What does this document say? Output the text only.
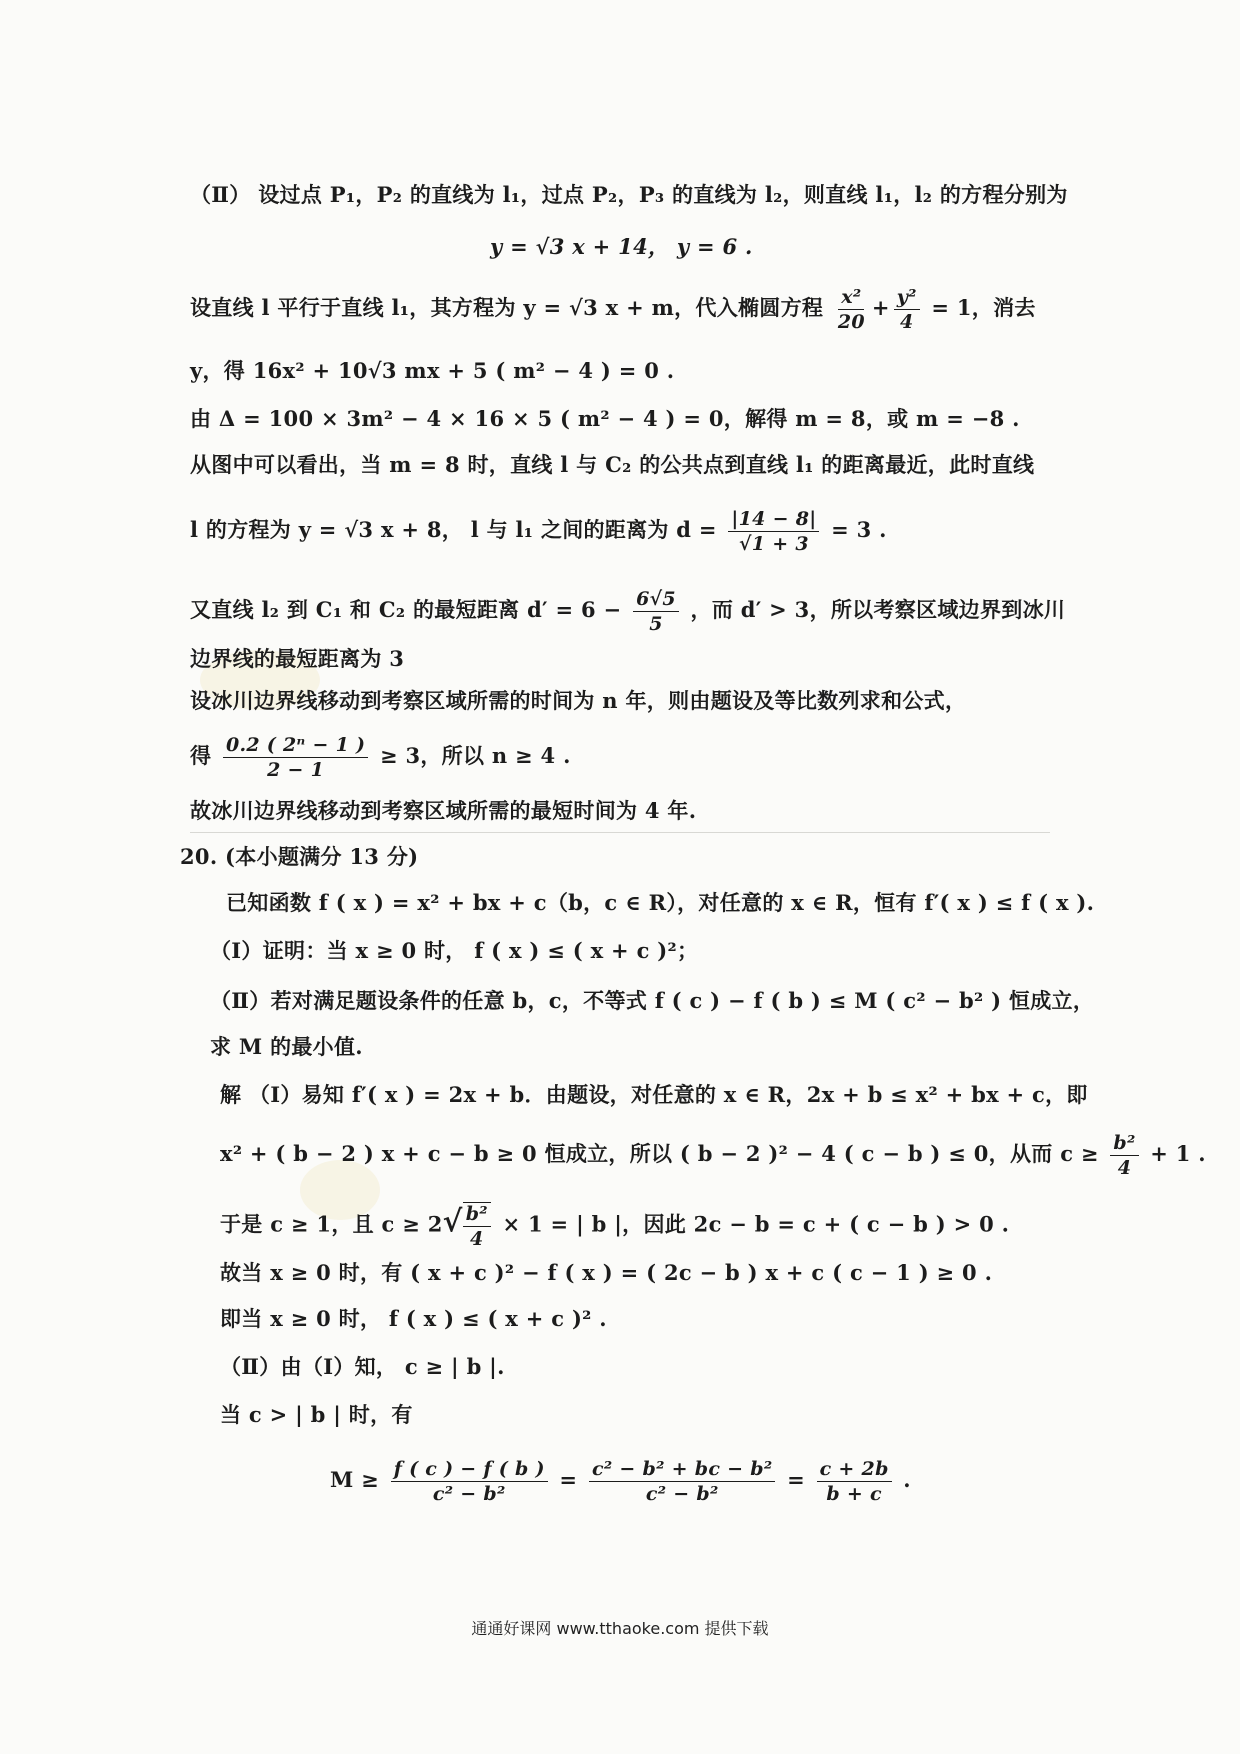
（Ⅱ） 设过点 P₁，P₂ 的直线为 l₁，过点 P₂，P₃ 的直线为 l₂，则直线 l₁，l₂ 的方程分别为
y = √3 x + 14， y = 6 .
设直线 l 平行于直线 l₁，其方程为 y = √3 x + m，代入椭圆方程 $\frac{\text{x²}}{20} + \frac{\text{y²}}{4} = 1$，消去
y，得 16x² + 10√3 mx + 5 ( m² − 4 ) = 0 .
由 Δ = 100 × 3m² − 4 × 16 × 5 ( m² − 4 ) = 0，解得 m = 8，或 m = −8 .
从图中可以看出，当 m = 8 时，直线 l 与 C₂ 的公共点到直线 l₁ 的距离最近，此时直线
l 的方程为 y = √3 x + 8， l 与 l₁ 之间的距离为 $d = \frac{|14 - 8|}{√1 + 3} = 3$ .
又直线 l₂ 到 C₁ 和 C₂ 的最短距离 $d' = 6 - \frac{6√5}{5}$ ，而 d′ > 3，所以考察区域边界到冰川
边界线的最短距离为 3
设冰川边界线移动到考察区域所需的时间为 n 年，则由题设及等比数列求和公式，
得 $\frac{\text{0.2 ( 2ⁿ − 1 )}}{2 - 1} \ge 3$，所以 n ≥ 4 .
故冰川边界线移动到考察区域所需的最短时间为 4 年.
20. (本小题满分 13 分)
已知函数 f ( x ) = x² + bx + c（b，c ∈ R），对任意的 x ∈ R，恒有 f′( x ) ≤ f ( x ).
（Ⅰ）证明：当 x ≥ 0 时， f ( x ) ≤ ( x + c )²；
（Ⅱ）若对满足题设条件的任意 b，c，不等式 f ( c ) − f ( b ) ≤ M ( c² − b² ) 恒成立，
求 M 的最小值.
解 （Ⅰ）易知 f′( x ) = 2x + b．由题设，对任意的 x ∈ R，2x + b ≤ x² + bx + c，即
x² + ( b − 2 ) x + c − b ≥ 0 恒成立，所以 ( b − 2 )² − 4 ( c − b ) ≤ 0，从而 $c \ge \frac{\text{b²}}{4} + 1$ .
于是 c ≥ 1，且 $c \ge 2√ \frac{\text{b²}}{4} \times 1$ = | b |，因此 2c − b = c + ( c − b ) > 0 .
故当 x ≥ 0 时，有 ( x + c )² − f ( x ) = ( 2c − b ) x + c ( c − 1 ) ≥ 0 .
即当 x ≥ 0 时， f ( x ) ≤ ( x + c )² .
（Ⅱ）由（Ⅰ）知， c ≥ | b |.
当 c > | b | 时，有
$M \ge \frac{f ( c ) - f ( b )}{\text{c² − b²}} = \frac{\text{c² − b² + bc − b²}}{\text{c² − b²}} = \frac{c + 2b}{b + c}$ .
通通好课网 www.tthaoke.com 提供下载
